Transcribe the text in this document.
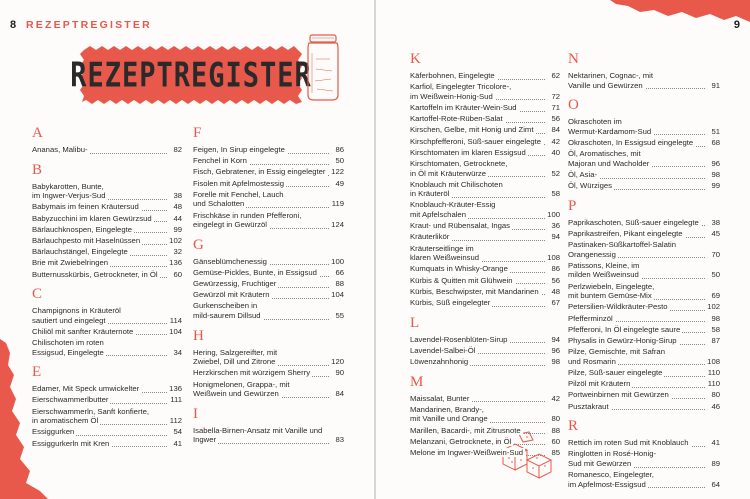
8 REZEPTREGISTER
REZEPTREGISTER
A
Ananas, Malibu-	82
B
Babykarotten, Bunte,
im Ingwer-Verjus-Sud	38
Babymais im feinen Kräutersud	48
Babyzucchini im klaren Gewürzsud	44
Bärlauchknospen, Eingelegte	99
Bärlauchpesto mit Haselnüssen	102
Bärlauchstängel, Eingelegte	32
Brie mit Zwiebelringen	136
Butternusskürbis, Getrockneter, in Öl	60
C
Champignons in Kräuteröl
sautiert und eingelegt	114
Chiliöl mit sanfter Kräuternote	104
Chilischoten im roten
Essigsud, Eingelegte	34
E
Edamer, Mit Speck umwickelter	136
Eierschwammerlbutter	111
Eierschwammerln, Sanft konfierte,
in aromatischem Öl	112
Essiggurken	54
Essiggurkerln mit Kren	41
F
Feigen, In Sirup eingelegte	86
Fenchel in Korn	50
Fisch, Gebratener, in Essig eingelegter 122
Fisolen mit Apfelmostessig	49
Forelle mit Fenchel, Lauch
und Schalotten	119
Frischkäse in runden Pfefferoni,
eingelegt in Gewürzöl	124
G
Gänseblümchenessig	100
Gemüse-Pickles, Bunte, in Essigsud	66
Gewürzessig, Fruchtiger	88
Gewürzöl mit Kräutern	104
Gurkenscheiben in
mild-saurem Dillsud	55
H
Hering, Salzgereifter, mit
Zwiebel, Dill und Zitrone	120
Herzkirschen mit würzigem Sherry	90
Honigmelonen, Grappa-, mit
Weißwein und Gewürzen	84
I
Isabella-Birnen-Ansatz mit Vanille und
Ingwer	83
9
K
Käferbohnen, Eingelegte	62
Karfiol, Eingelegter Tricolore-,
im Weißwein-Honig-Sud	72
Kartoffeln im Kräuter-Wein-Sud	71
Kartoffel-Rote-Rüben-Salat	56
Kirschen, Gelbe, mit Honig und Zimt	84
Kirschpfefferoni, Süß-sauer eingelegte	42
Kirschtomaten im klaren Essigsud	40
Kirschtomaten, Getrocknete,
in Öl mit Kräuterwürze	52
Knoblauch mit Chilischoten
in Kräuteröl	58
Knoblauch-Kräuter-Essig
mit Apfelschalen	100
Kraut- und Rübensalat, Ingas	36
Kräuterlikör	94
Kräuterseitlinge im
klaren Weißweinsud	108
Kumquats in Whisky-Orange	86
Kürbis & Quitten mit Glühwein	56
Kürbis, Beschwipster, mit Mandarinen	48
Kürbis, Süß eingelegter	67
L
Lavendel-Rosenblüten-Sirup	94
Lavendel-Salbei-Öl	96
Löwenzahnhonig	98
M
Maissalat, Bunter	42
Mandarinen, Brandy-,
mit Vanille und Orange	80
Marillen, Bacardi-, mit Zitrusnote	88
Melanzani, Getrocknete, in Öl	60
Melone im Ingwer-Weißwein-Sud	85
N
Nektarinen, Cognac-, mit
Vanille und Gewürzen	91
O
Okraschoten im
Wermut-Kardamom-Sud	51
Okraschoten, In Essigsud eingelegte	68
Öl, Aromatisches, mit
Majoran und Wacholder	96
Öl, Asia-	98
Öl, Würziges	99
P
Paprikaschoten, Süß-sauer eingelegte	38
Paprikastreifen, Pikant eingelegte	45
Pastinaken-Süßkartoffel-Salatin
Orangenessig	70
Patissons, Kleine, im
milden Weißweinsud	50
Perlzwiebeln, Eingelegte,
mit buntem Gemüse-Mix	69
Petersilien-Wildkräuter-Pesto	102
Pfefferminzöl	98
Pfefferoni, In Öl eingelegte saure	58
Physalis in Gewürz-Honig-Sirup	87
Pilze, Gemischte, mit Safran
und Rosmarin	108
Pilze, Süß-sauer eingelegte	110
Pilzöl mit Kräutern	110
Portweinbirnen mit Gewürzen	80
Pusztakraut	46
R
Rettich im roten Sud mit Knoblauch	41
Ringlotten in Rosé-Honig-
Sud mit Gewürzen	89
Romanesco, Eingelegter,
im Apfelmost-Essigsud	64
